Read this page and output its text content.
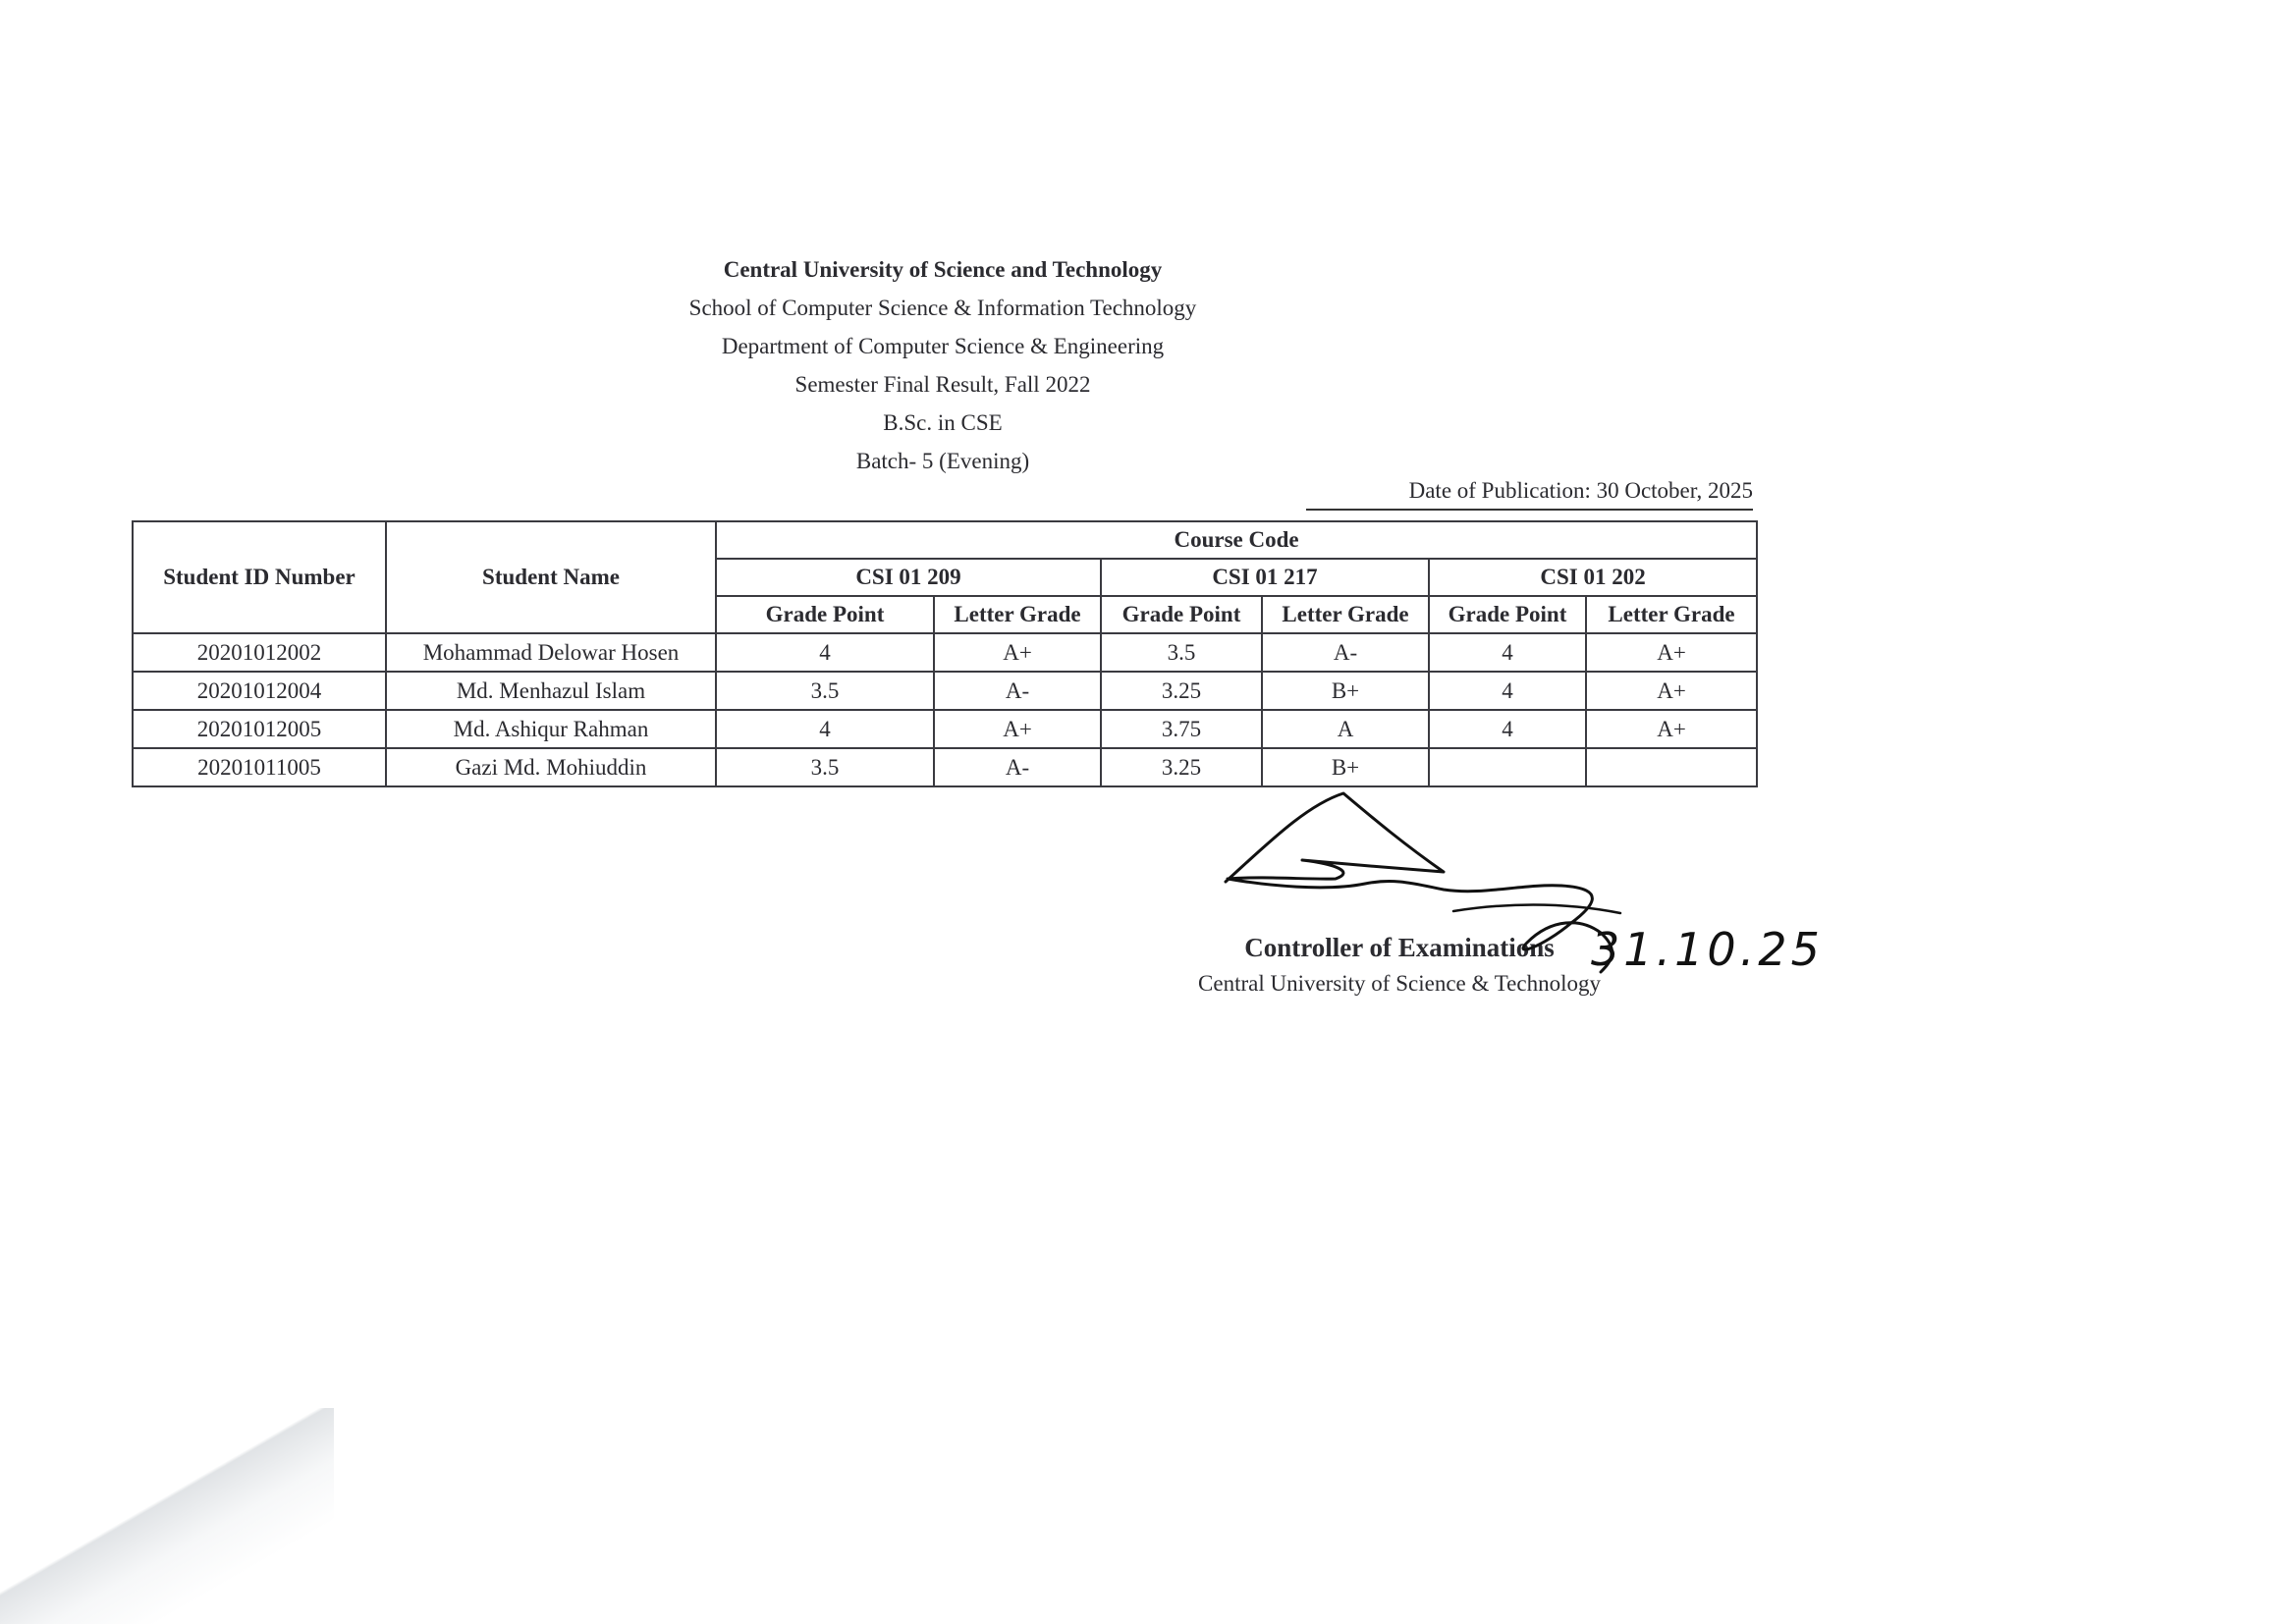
Central University of Science and Technology
School of Computer Science & Information Technology
Department of Computer Science & Engineering
Semester Final Result, Fall 2022
B.Sc. in CSE
Batch- 5 (Evening)
Date of Publication: 30 October, 2025
Student ID Number	Student Name	Course Code					
		CSI 01 209		CSI 01 217		CSI 01 202	
		Grade Point	Letter Grade	Grade Point	Letter Grade	Grade Point	Letter Grade
20201012002	Mohammad Delowar Hosen	4	A+	3.5	A-	4	A+
20201012004	Md. Menhazul Islam	3.5	A-	3.25	B+	4	A+
20201012005	Md. Ashiqur Rahman	4	A+	3.75	A	4	A+
20201011005	Gazi Md. Mohiuddin	3.5	A-	3.25	B+		
Controller of Examinations
Central University of Science & Technology
31.10.25
